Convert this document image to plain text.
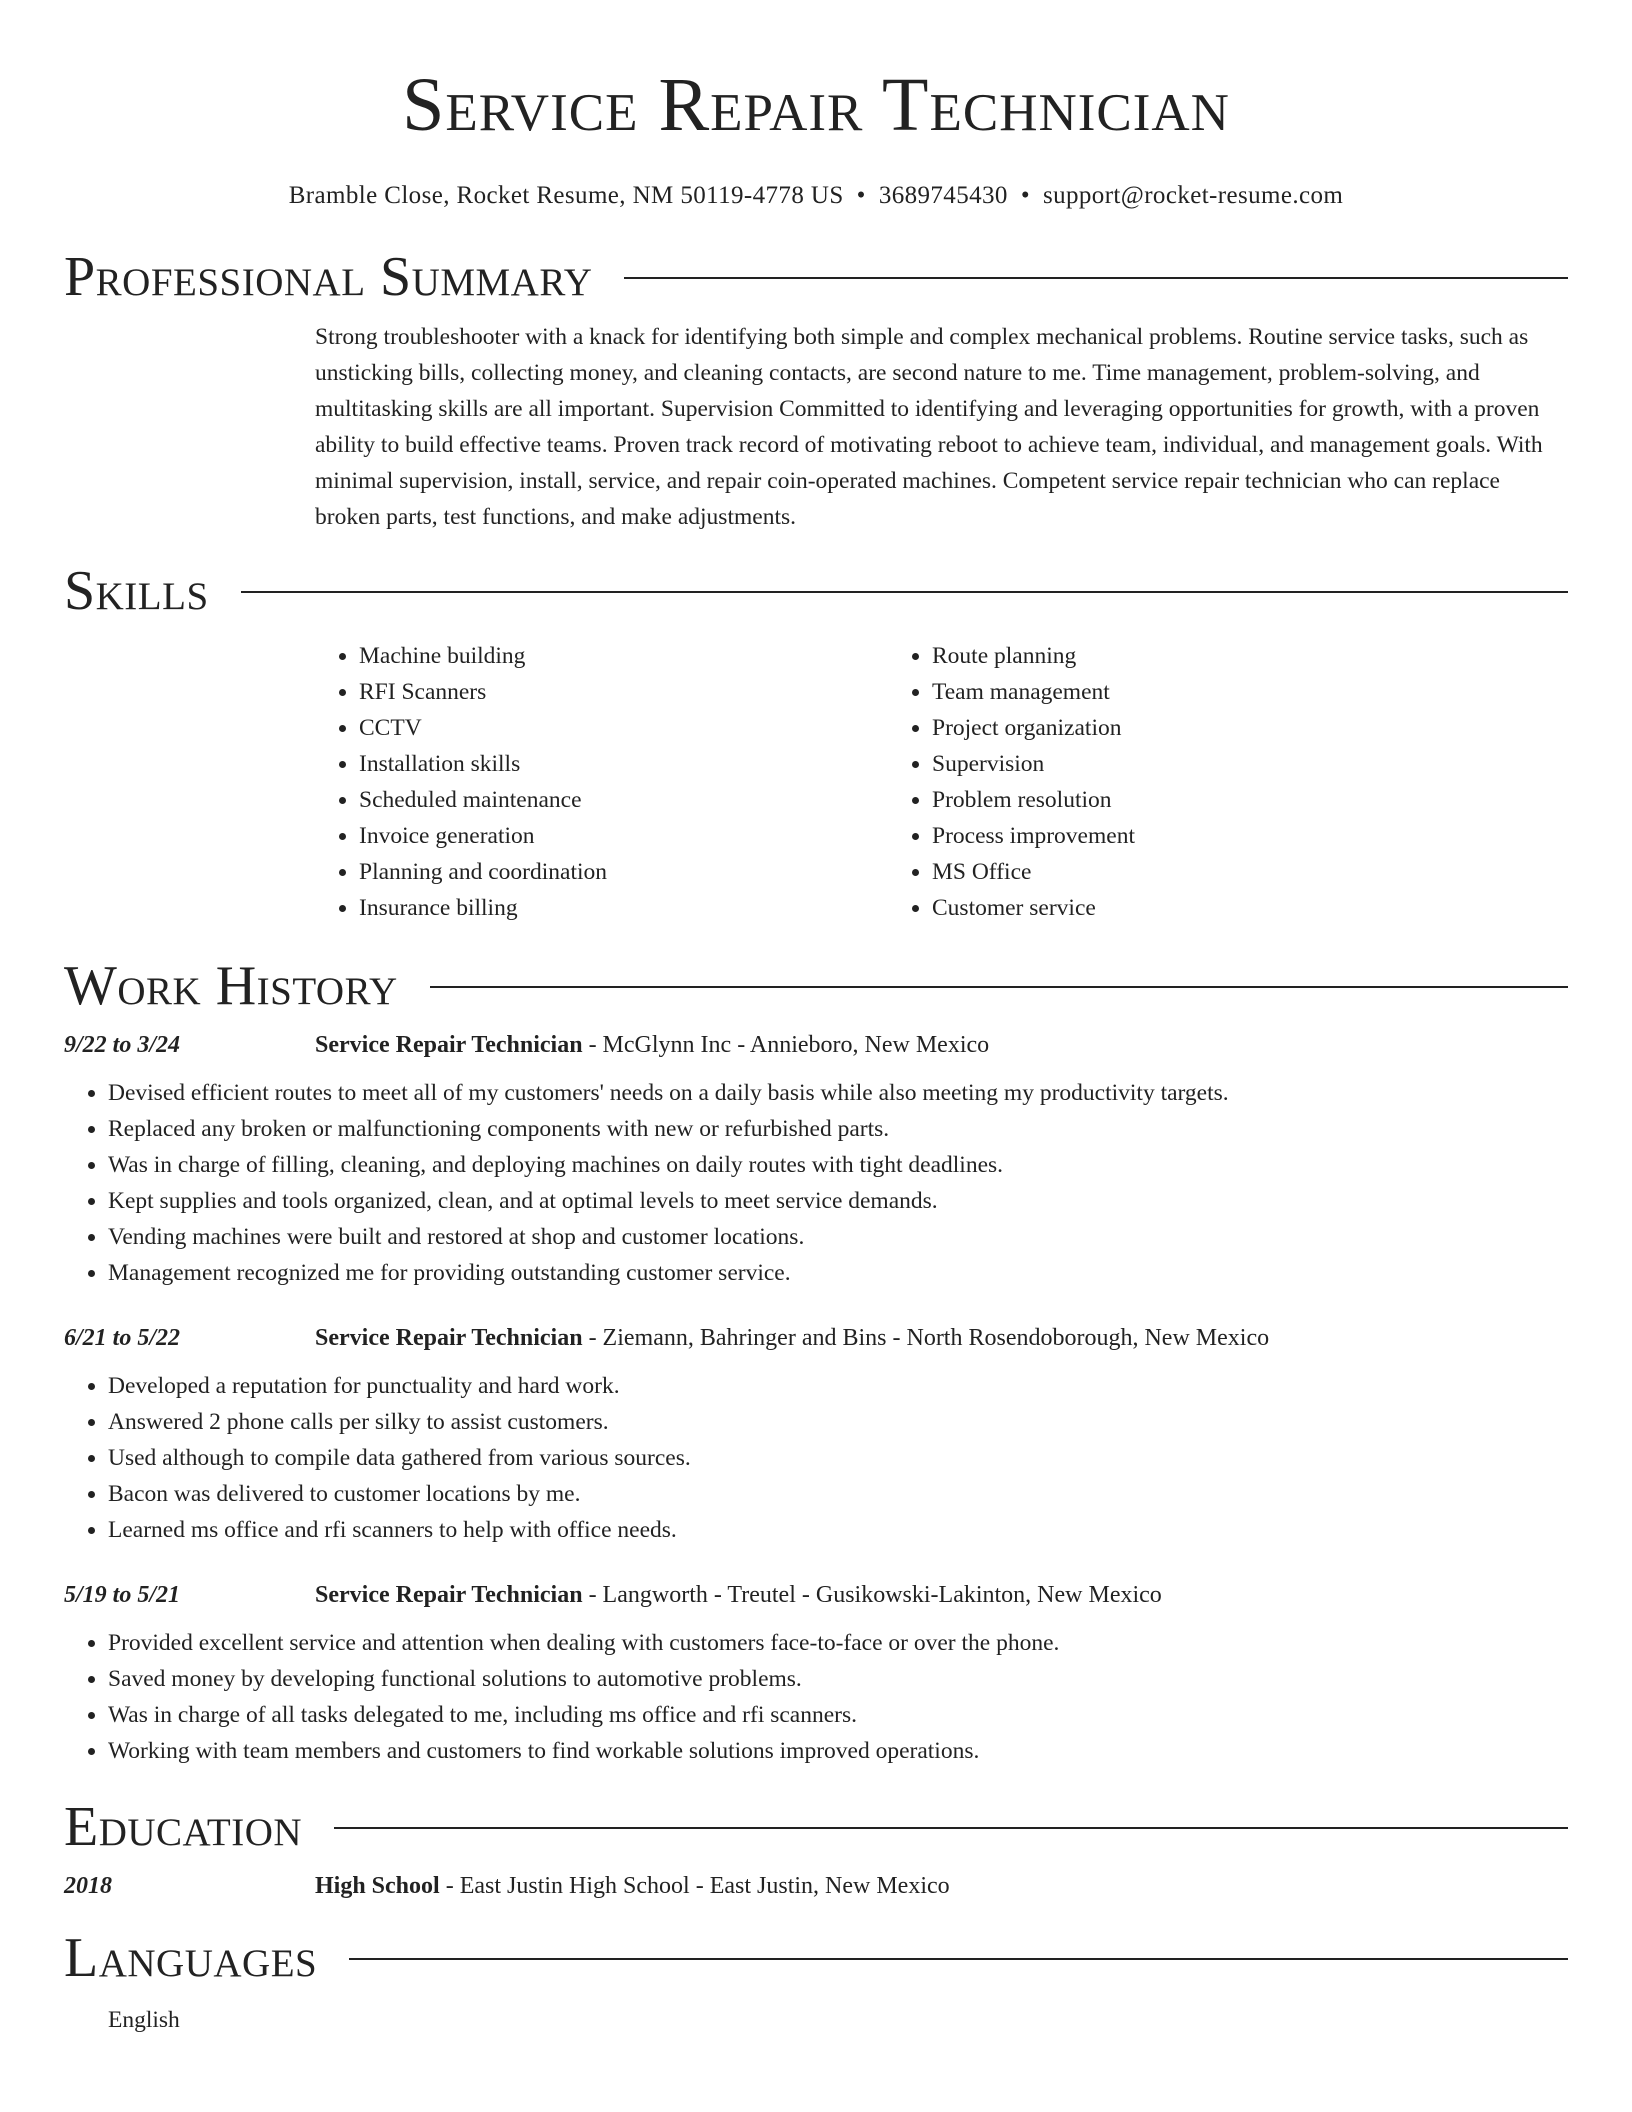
Service Repair Technician
Bramble Close, Rocket Resume, NM 50119-4778 US • 3689745430 • support@rocket-resume.com
Professional Summary

Strong troubleshooter with a knack for identifying both simple and complex mechanical problems. Routine service tasks, such as unsticking bills, collecting money, and cleaning contacts, are second nature to me. Time management, problem-solving, and multitasking skills are all important. Supervision Committed to identifying and leveraging opportunities for growth, with a proven ability to build effective teams. Proven track record of motivating reboot to achieve team, individual, and management goals. With minimal supervision, install, service, and repair coin-operated machines. Competent service repair technician who can replace broken parts, test functions, and make adjustments.

Skills
• Machine building
• RFI Scanners
• CCTV
• Installation skills
• Scheduled maintenance
• Invoice generation
• Planning and coordination
• Insurance billing
• Route planning
• Team management
• Project organization
• Supervision
• Problem resolution
• Process improvement
• MS Office
• Customer service
Work History
9/22 to 3/24	Service Repair Technician - McGlynn Inc - Annieboro, New Mexico
• Devised efficient routes to meet all of my customers' needs on a daily basis while also meeting my productivity targets.
• Replaced any broken or malfunctioning components with new or refurbished parts.
• Was in charge of filling, cleaning, and deploying machines on daily routes with tight deadlines.
• Kept supplies and tools organized, clean, and at optimal levels to meet service demands.
• Vending machines were built and restored at shop and customer locations.
• Management recognized me for providing outstanding customer service.
6/21 to 5/22	Service Repair Technician - Ziemann, Bahringer and Bins - North Rosendoborough, New Mexico
• Developed a reputation for punctuality and hard work.
• Answered 2 phone calls per silky to assist customers.
• Used although to compile data gathered from various sources.
• Bacon was delivered to customer locations by me.
• Learned ms office and rfi scanners to help with office needs.
5/19 to 5/21	Service Repair Technician - Langworth - Treutel - Gusikowski-Lakinton, New Mexico
• Provided excellent service and attention when dealing with customers face-to-face or over the phone.
• Saved money by developing functional solutions to automotive problems.
• Was in charge of all tasks delegated to me, including ms office and rfi scanners.
• Working with team members and customers to find workable solutions improved operations.
Education
2018	High School - East Justin High School - East Justin, New Mexico
Languages
English
